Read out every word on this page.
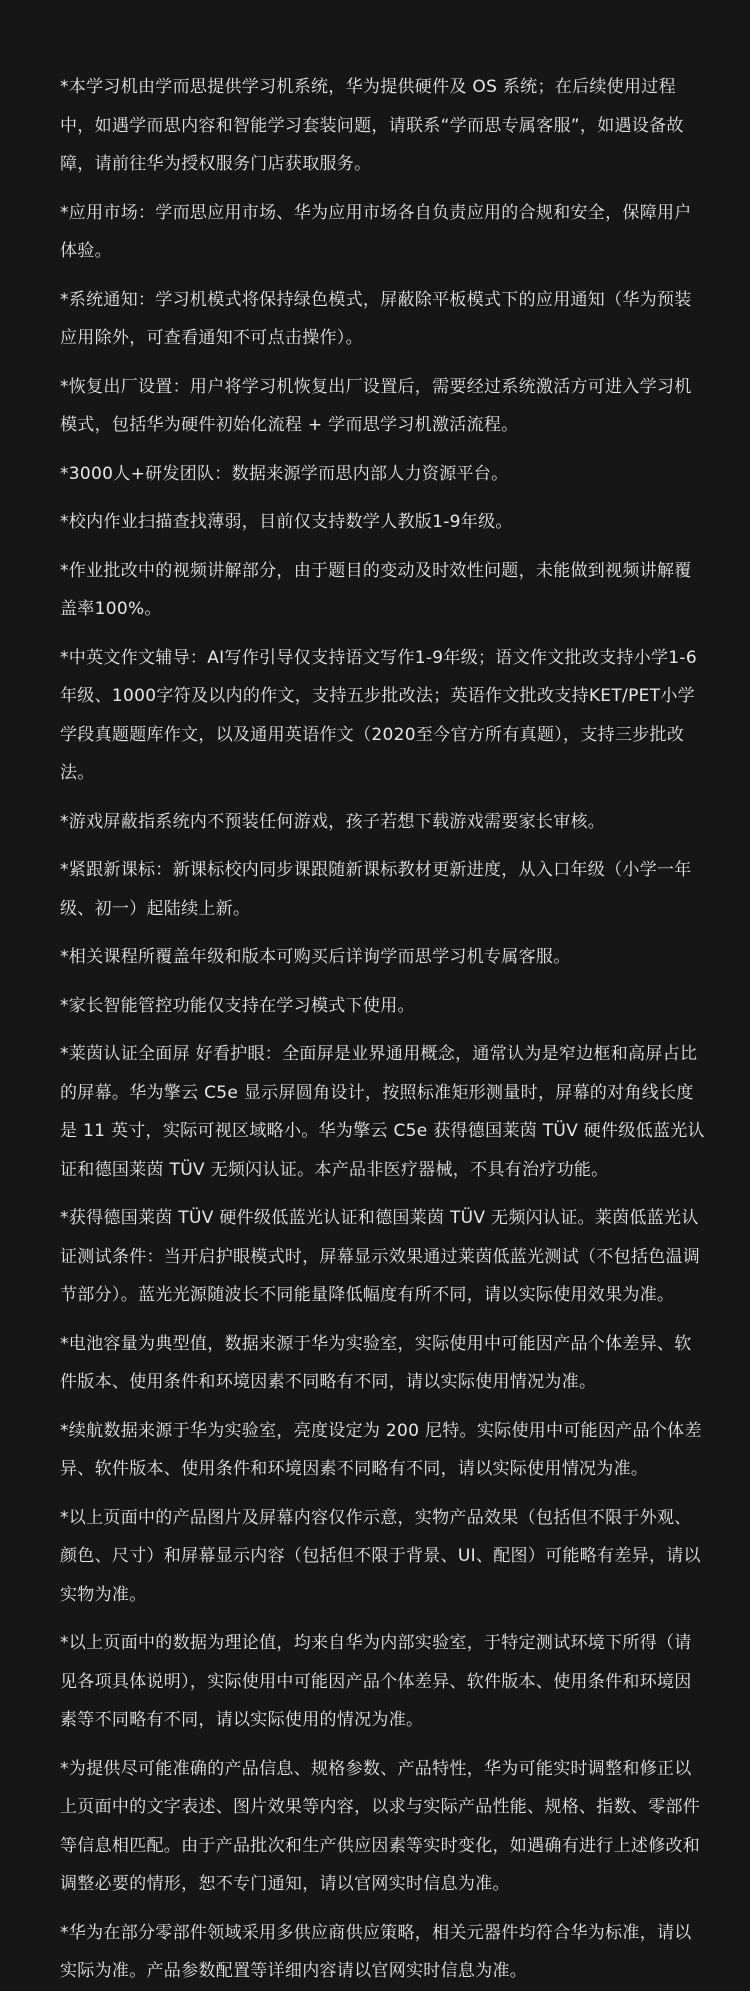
*本学习机由学而思提供学习机系统，华为提供硬件及 OS 系统；在后续使用过程中，如遇学而思内容和智能学习套装问题，请联系“学而思专属客服”，如遇设备故障，请前往华为授权服务门店获取服务。

*应用市场：学而思应用市场、华为应用市场各自负责应用的合规和安全，保障用户体验。

*系统通知：学习机模式将保持绿色模式，屏蔽除平板模式下的应用通知（华为预装应用除外，可查看通知不可点击操作）。

*恢复出厂设置：用户将学习机恢复出厂设置后，需要经过系统激活方可进入学习机模式，包括华为硬件初始化流程 + 学而思学习机激活流程。

*3000人+研发团队：数据来源学而思内部人力资源平台。

*校内作业扫描查找薄弱，目前仅支持数学人教版1-9年级。

*作业批改中的视频讲解部分，由于题目的变动及时效性问题，未能做到视频讲解覆盖率100%。

*中英文作文辅导：AI写作引导仅支持语文写作1-9年级；语文作文批改支持小学1-6年级、1000字符及以内的作文，支持五步批改法；英语作文批改支持KET/PET小学学段真题题库作文，以及通用英语作文（2020至今官方所有真题），支持三步批改法。

*游戏屏蔽指系统内不预装任何游戏，孩子若想下载游戏需要家长审核。

*紧跟新课标：新课标校内同步课跟随新课标教材更新进度，从入口年级（小学一年级、初一）起陆续上新。

*相关课程所覆盖年级和版本可购买后详询学而思学习机专属客服。

*家长智能管控功能仅支持在学习模式下使用。

*莱茵认证全面屏 好看护眼：全面屏是业界通用概念，通常认为是窄边框和高屏占比的屏幕。华为擎云 C5e 显示屏圆角设计，按照标准矩形测量时，屏幕的对角线长度是 11 英寸，实际可视区域略小。华为擎云 C5e 获得德国莱茵 TÜV 硬件级低蓝光认证和德国莱茵 TÜV 无频闪认证。本产品非医疗器械，不具有治疗功能。

*获得德国莱茵 TÜV 硬件级低蓝光认证和德国莱茵 TÜV 无频闪认证。莱茵低蓝光认证测试条件：当开启护眼模式时，屏幕显示效果通过莱茵低蓝光测试（不包括色温调节部分）。蓝光光源随波长不同能量降低幅度有所不同，请以实际使用效果为准。

*电池容量为典型值，数据来源于华为实验室，实际使用中可能因产品个体差异、软件版本、使用条件和环境因素不同略有不同，请以实际使用情况为准。

*续航数据来源于华为实验室，亮度设定为 200 尼特。实际使用中可能因产品个体差异、软件版本、使用条件和环境因素不同略有不同，请以实际使用情况为准。

*以上页面中的产品图片及屏幕内容仅作示意，实物产品效果（包括但不限于外观、颜色、尺寸）和屏幕显示内容（包括但不限于背景、UI、配图）可能略有差异，请以实物为准。

*以上页面中的数据为理论值，均来自华为内部实验室，于特定测试环境下所得（请见各项具体说明），实际使用中可能因产品个体差异、软件版本、使用条件和环境因素等不同略有不同，请以实际使用的情况为准。

*为提供尽可能准确的产品信息、规格参数、产品特性，华为可能实时调整和修正以上页面中的文字表述、图片效果等内容，以求与实际产品性能、规格、指数、零部件等信息相匹配。由于产品批次和生产供应因素等实时变化，如遇确有进行上述修改和调整必要的情形，恕不专门通知，请以官网实时信息为准。

*华为在部分零部件领域采用多供应商供应策略，相关元器件均符合华为标准，请以实际为准。产品参数配置等详细内容请以官网实时信息为准。
